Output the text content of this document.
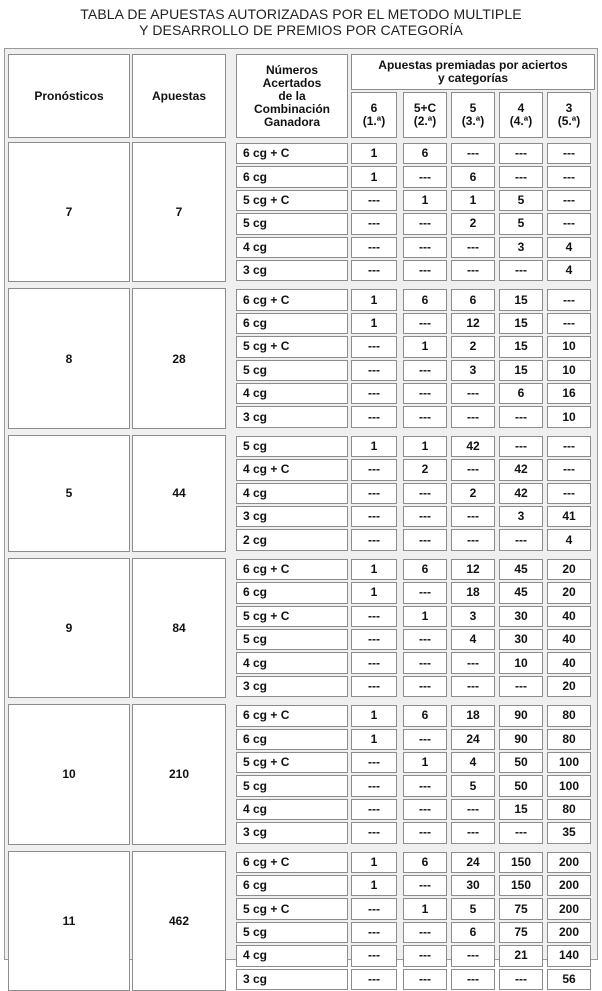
TABLA DE APUESTAS AUTORIZADAS POR EL METODO MULTIPLE
Y DESARROLLO DE PREMIOS POR CATEGORÍA
Pronósticos	Apuestas
Números
Acertados
de la
Combinación
Ganadora
Apuestas premiadas por aciertos
y categorías
6
(1.ª)
5+C
(2.ª)
5
(3.ª)
4
(4.ª)
3
(5.ª)
7	7
6 cg + C	1	6	---	---	---
6 cg	1	---	6	---	---
5 cg + C	---	1	1	5	---
5 cg	---	---	2	5	---
4 cg	---	---	---	3	4
3 cg	---	---	---	---	4
8	28
6 cg + C	1	6	6	15	---
6 cg	1	---	12	15	---
5 cg + C	---	1	2	15	10
5 cg	---	---	3	15	10
4 cg	---	---	---	6	16
3 cg	---	---	---	---	10
5	44
5 cg	1	1	42	---	---
4 cg + C	---	2	---	42	---
4 cg	---	---	2	42	---
3 cg	---	---	---	3	41
2 cg	---	---	---	---	4
9	84
6 cg + C	1	6	12	45	20
6 cg	1	---	18	45	20
5 cg + C	---	1	3	30	40
5 cg	---	---	4	30	40
4 cg	---	---	---	10	40
3 cg	---	---	---	---	20
10	210
6 cg + C	1	6	18	90	80
6 cg	1	---	24	90	80
5 cg + C	---	1	4	50	100
5 cg	---	---	5	50	100
4 cg	---	---	---	15	80
3 cg	---	---	---	---	35
11	462
6 cg + C	1	6	24	150	200
6 cg	1	---	30	150	200
5 cg + C	---	1	5	75	200
5 cg	---	---	6	75	200
4 cg	---	---	---	21	140
3 cg	---	---	---	---	56
